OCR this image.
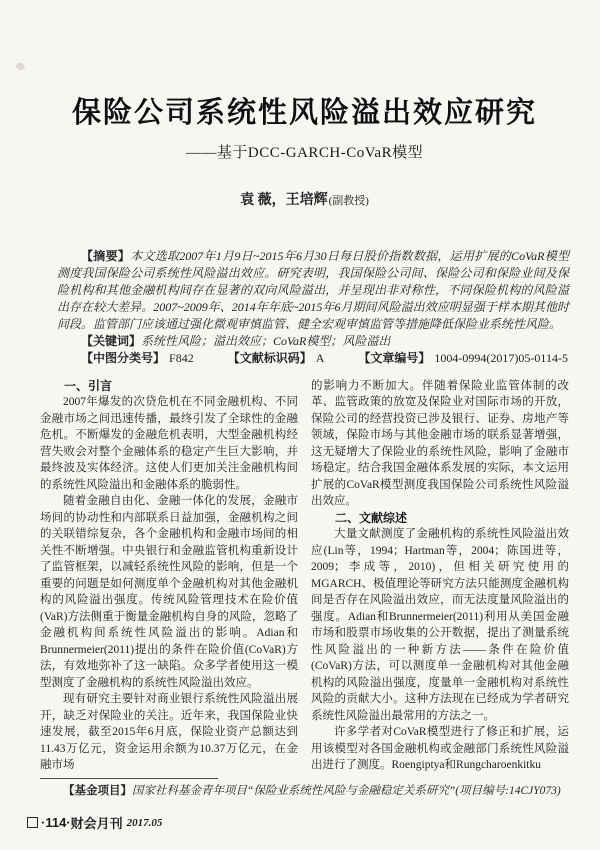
保险公司系统性风险溢出效应研究
——基于DCC-GARCH-CoVaR模型
袁 薇，王培辉(副教授)

【摘要】本文选取2007年1月9日~2015年6月30日每日股价指数数据，运用扩展的CoVaR模型测度我国保险公司系统性风险溢出效应。研究表明，我国保险公司间、保险公司和保险业间及保险机构和其他金融机构间存在显著的双向风险溢出，并呈现出非对称性，不同保险机构的风险溢出存在较大差异。2007~2009年、2014年年底~2015年6月期间风险溢出效应明显强于样本期其他时间段。监管部门应该通过强化微观审慎监管、健全宏观审慎监管等措施降低保险业系统性风险。

【关键词】系统性风险；溢出效应；CoVaR模型；风险溢出

【中图分类号】 F842	【文献标识码】 A	【文章编号】 1004-0994(2017)05-0114-5

一、引言

2007年爆发的次贷危机在不同金融机构、不同金融市场之间迅速传播，最终引发了全球性的金融危机。不断爆发的金融危机表明，大型金融机构经营失败会对整个金融体系的稳定产生巨大影响，并最终波及实体经济。这使人们更加关注金融机构间的系统性风险溢出和金融体系的脆弱性。

随着金融自由化、金融一体化的发展，金融市场间的协动性和内部联系日益加强，金融机构之间的关联错综复杂，各个金融机构和金融市场间的相关性不断增强。中央银行和金融监管机构重新设计了监管框架，以减轻系统性风险的影响，但是一个重要的问题是如何测度单个金融机构对其他金融机构的风险溢出强度。传统风险管理技术在险价值(VaR)方法侧重于衡量金融机构自身的风险，忽略了金融机构间系统性风险溢出的影响。Adian和Brunnermeier(2011)提出的条件在险价值(CoVaR)方法，有效地弥补了这一缺陷。众多学者使用这一模型测度了金融机构的系统性风险溢出效应。

现有研究主要针对商业银行系统性风险溢出展开，缺乏对保险业的关注。近年来，我国保险业快速发展，截至2015年6月底，保险业资产总额达到11.43万亿元，资金运用余额为10.37万亿元，在金融市场

的影响力不断加大。伴随着保险业监管体制的改革、监管政策的放宽及保险业对国际市场的开放，保险公司的经营投资已涉及银行、证券、房地产等领域，保险市场与其他金融市场的联系显著增强，这无疑增大了保险业的系统性风险，影响了金融市场稳定。结合我国金融体系发展的实际，本文运用扩展的CoVaR模型测度我国保险公司系统性风险溢出效应。

二、文献综述

大量文献测度了金融机构的系统性风险溢出效应(Lin等，1994；Hartman等，2004；陈国进等，2009；李成等，2010)，但相关研究使用的MGARCH、极值理论等研究方法只能测度金融机构间是否存在风险溢出效应，而无法度量风险溢出的强度。Adian和Brunnermeier(2011)利用从美国金融市场和股票市场收集的公开数据，提出了测量系统性风险溢出的一种新方法——条件在险价值(CoVaR)方法，可以测度单一金融机构对其他金融机构的风险溢出强度，度量单一金融机构对系统性风险的贡献大小。这种方法现在已经成为学者研究系统性风险溢出最常用的方法之一。

许多学者对CoVaR模型进行了修正和扩展，运用该模型对各国金融机构或金融部门系统性风险溢出进行了测度。Roengiptya和Rungcharoenkitku

【基金项目】国家社科基金青年项目“保险业系统性风险与金融稳定关系研究”(项目编号:14CJY073)

·114· 财会月刊 2017.05
